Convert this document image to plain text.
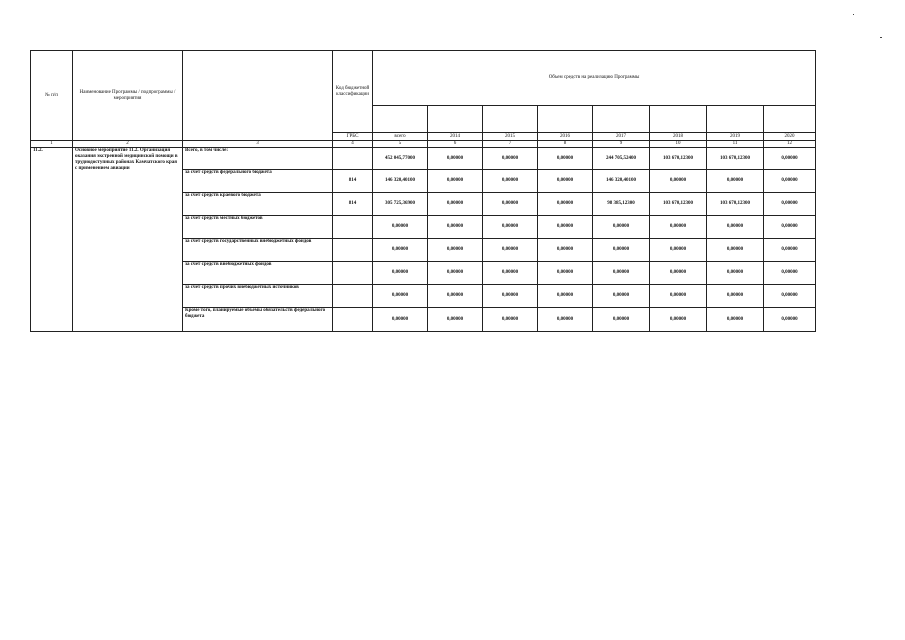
№ п/п	Наименование Программы / подпрограммы / мероприятия		Код бюджетной классификации	Объем средств на реализацию Программы							

			ГРБС	всего	2014	2015	2016	2017	2018	2019	2020
1	2	3	4	5	6	7	8	9	10	11	12
11.2.	Основное мероприятие 11.2. Организация оказания экстренной медицинской помощи в труднодоступных районах Камчатского края с применением авиации	Всего, в том числе:		452 045,77000	0,00000	0,00000	0,00000	244 705,52400	103 670,12300	103 670,12300	0,00000
		за счет средств федерального бюджета	814	146 320,40100	0,00000	0,00000	0,00000	146 320,40100	0,00000	0,00000	0,00000
		за счет средств краевого бюджета	814	305 725,36900	0,00000	0,00000	0,00000	98 385,12300	103 670,12300	103 670,12300	0,00000
		за счет средств местных бюджетов		0,00000	0,00000	0,00000	0,00000	0,00000	0,00000	0,00000	0,00000
		за счет средств государственных внебюджетных фондов		0,00000	0,00000	0,00000	0,00000	0,00000	0,00000	0,00000	0,00000
		за счет средств внебюджетных фондов		0,00000	0,00000	0,00000	0,00000	0,00000	0,00000	0,00000	0,00000
		за счет средств прочих внебюджетных источников		0,00000	0,00000	0,00000	0,00000	0,00000	0,00000	0,00000	0,00000
		Кроме того, планируемые объемы обязательств федерального бюджета		0,00000	0,00000	0,00000	0,00000	0,00000	0,00000	0,00000	0,00000
